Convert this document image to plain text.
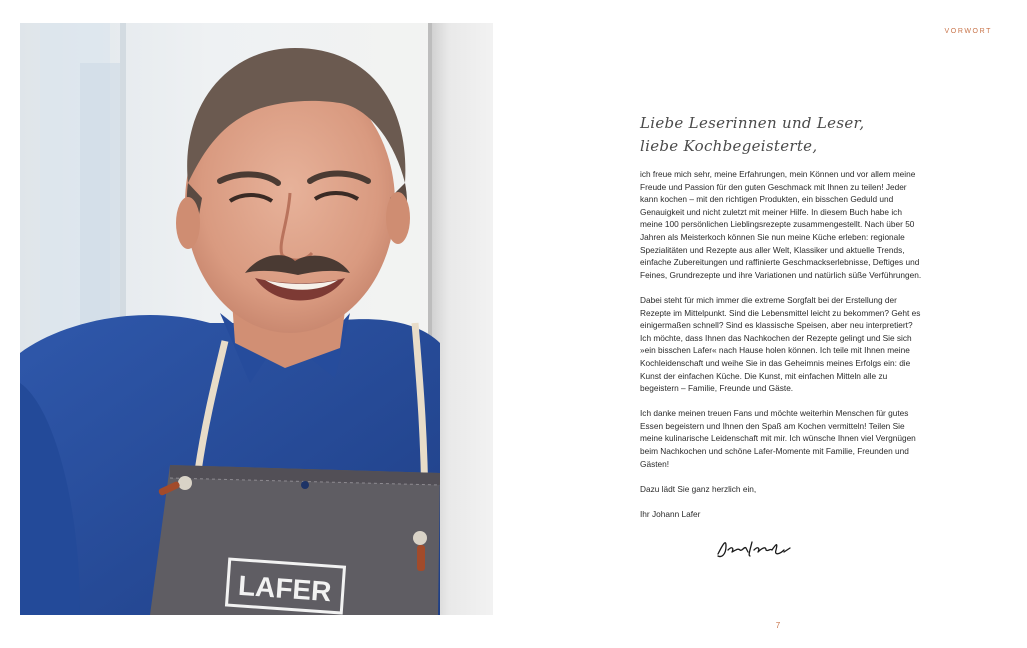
LAFER
VORWORT
Liebe Leserinnen und Leser,
liebe Kochbegeisterte,

ich freue mich sehr, meine Erfahrungen, mein Können und vor allem meine Freude und Passion für den guten Geschmack mit Ihnen zu teilen! Jeder kann kochen – mit den richtigen Produkten, ein bisschen Geduld und Genauigkeit und nicht zuletzt mit meiner Hilfe. In diesem Buch habe ich meine 100 persönlichen Lieblingsrezepte zusammengestellt. Nach über 50 Jahren als Meisterkoch können Sie nun meine Küche erleben: regionale Spezialitäten und Rezepte aus aller Welt, Klassiker und aktuelle Trends, einfache Zubereitungen und raffinierte Geschmackserlebnisse, Deftiges und Feines, Grundrezepte und ihre Variationen und natürlich süße Verführungen.

Dabei steht für mich immer die extreme Sorgfalt bei der Erstellung der Rezepte im Mittelpunkt. Sind die Lebensmittel leicht zu bekommen? Geht es einigermaßen schnell? Sind es klassische Speisen, aber neu interpretiert? Ich möchte, dass Ihnen das Nachkochen der Rezepte gelingt und Sie sich »ein bisschen Lafer« nach Hause holen können. Ich teile mit Ihnen meine Kochleidenschaft und weihe Sie in das Geheimnis meines Erfolgs ein: die Kunst der einfachen Küche. Die Kunst, mit einfachen Mitteln alle zu begeistern – Familie, Freunde und Gäste.

Ich danke meinen treuen Fans und möchte weiterhin Menschen für gutes Essen begeistern und Ihnen den Spaß am Kochen vermitteln! Teilen Sie meine kulinarische Leidenschaft mit mir. Ich wünsche Ihnen viel Vergnügen beim Nachkochen und schöne Lafer-Momente mit Familie, Freunden und Gästen!

Dazu lädt Sie ganz herzlich ein,

Ihr Johann Lafer

7
